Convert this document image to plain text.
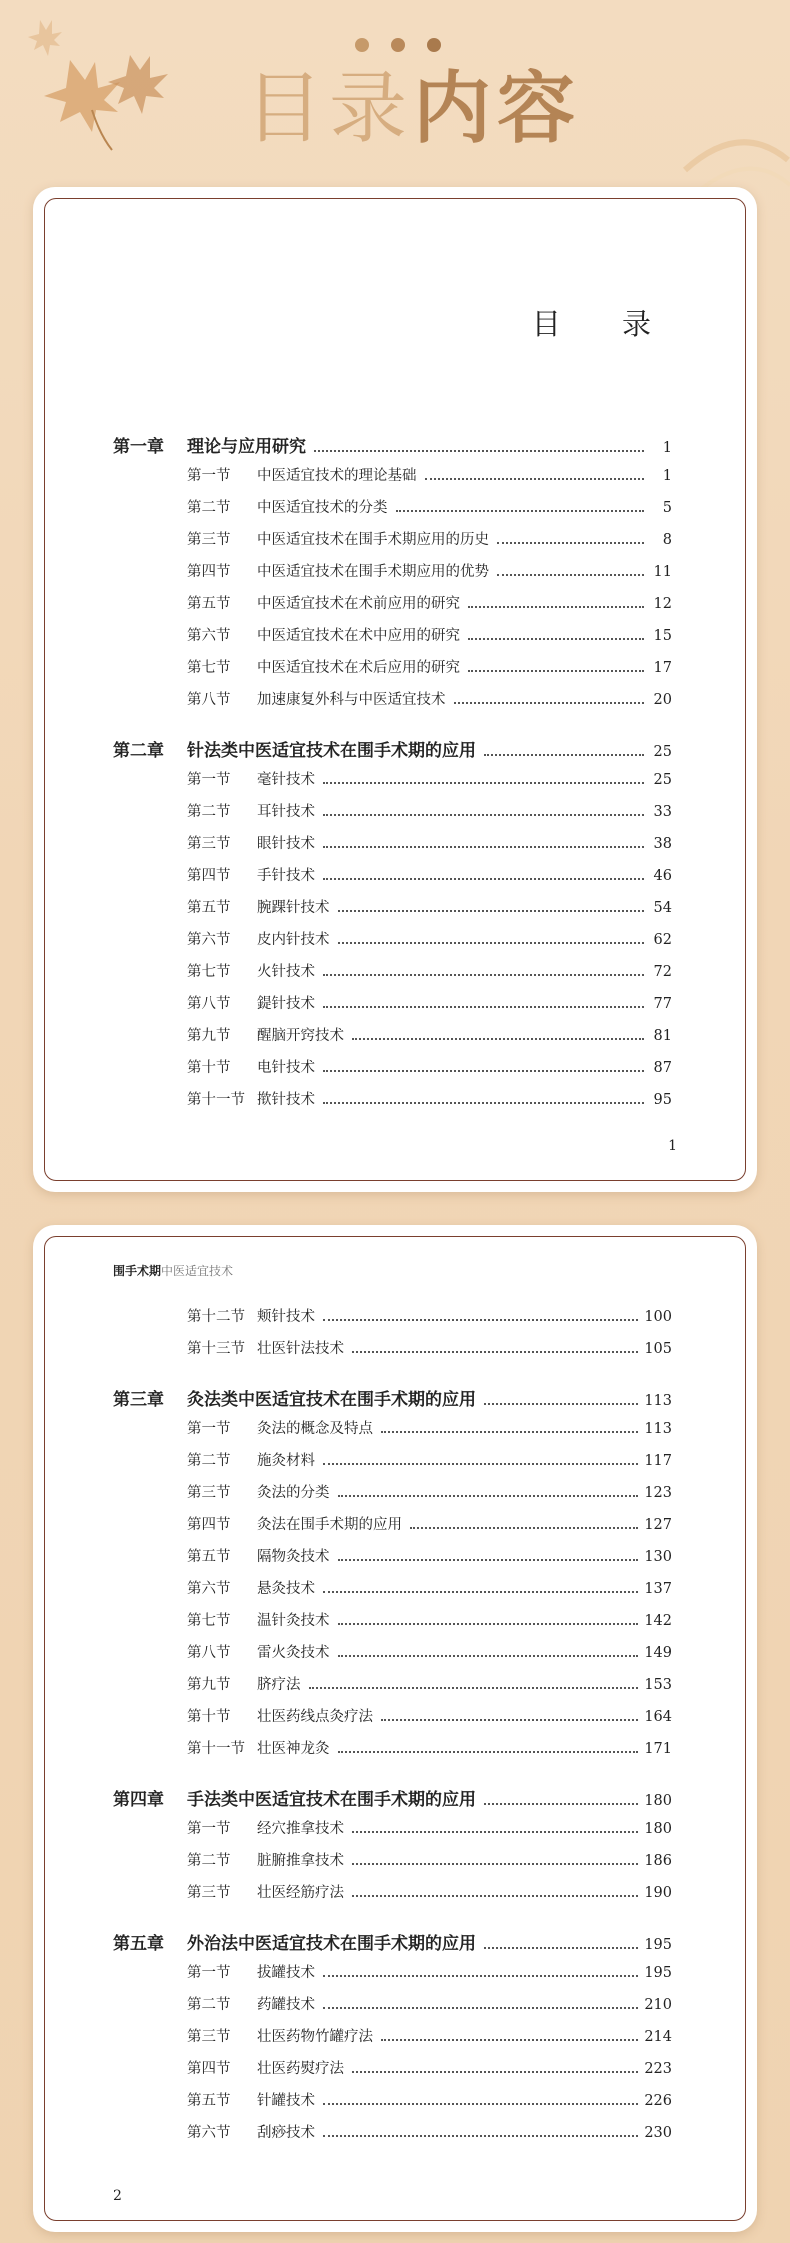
目录内容
目 录
第一章	理论与应用研究	1
第一节	中医适宜技术的理论基础	1
第二节	中医适宜技术的分类	5
第三节	中医适宜技术在围手术期应用的历史	8
第四节	中医适宜技术在围手术期应用的优势	11
第五节	中医适宜技术在术前应用的研究	12
第六节	中医适宜技术在术中应用的研究	15
第七节	中医适宜技术在术后应用的研究	17
第八节	加速康复外科与中医适宜技术	20
第二章	针法类中医适宜技术在围手术期的应用	25
第一节	毫针技术	25
第二节	耳针技术	33
第三节	眼针技术	38
第四节	手针技术	46
第五节	腕踝针技术	54
第六节	皮内针技术	62
第七节	火针技术	72
第八节	鍉针技术	77
第九节	醒脑开窍技术	81
第十节	电针技术	87
第十一节 揿针技术	95
1
围手术期中医适宜技术
第十二节 颊针技术	100
第十三节 壮医针法技术	105
第三章	灸法类中医适宜技术在围手术期的应用	113
第一节	灸法的概念及特点	113
第二节	施灸材料	117
第三节	灸法的分类	123
第四节	灸法在围手术期的应用	127
第五节	隔物灸技术	130
第六节	悬灸技术	137
第七节	温针灸技术	142
第八节	雷火灸技术	149
第九节	脐疗法	153
第十节	壮医药线点灸疗法	164
第十一节 壮医神龙灸	171
第四章	手法类中医适宜技术在围手术期的应用	180
第一节	经穴推拿技术	180
第二节	脏腑推拿技术	186
第三节	壮医经筋疗法	190
第五章	外治法中医适宜技术在围手术期的应用	195
第一节	拔罐技术	195
第二节	药罐技术	210
第三节	壮医药物竹罐疗法	214
第四节	壮医药熨疗法	223
第五节	针罐技术	226
第六节	刮痧技术	230
2
